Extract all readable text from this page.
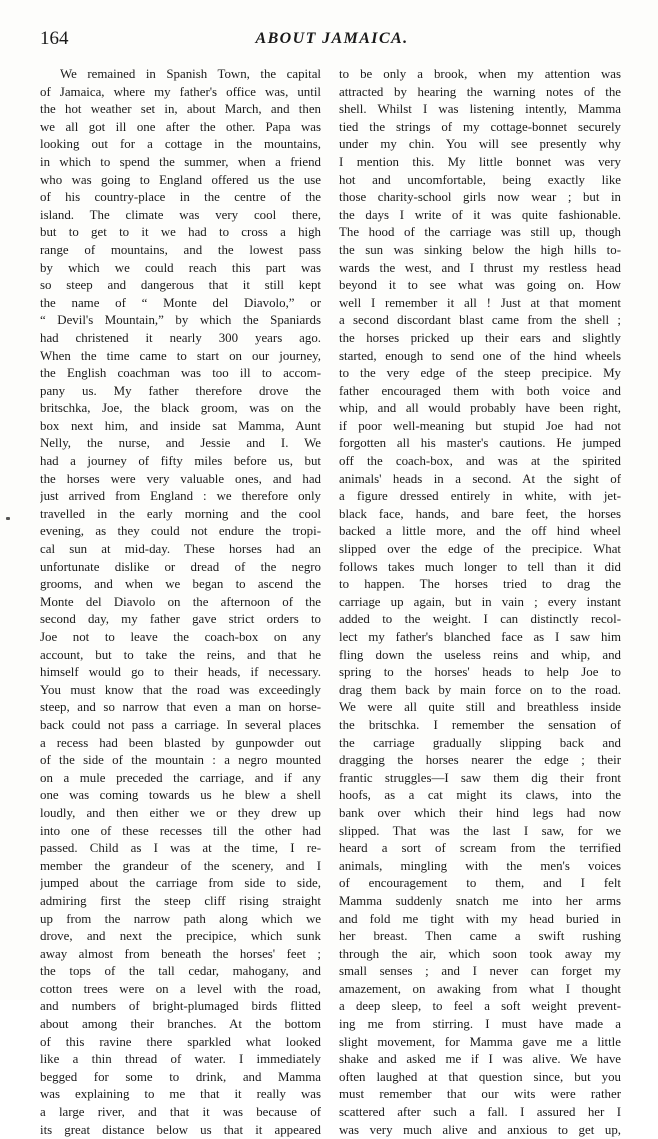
164	ABOUT JAMAICA.
We remained in Spanish Town, the capital
of Jamaica, where my father's office was, until
the hot weather set in, about March, and then
we all got ill one after the other. Papa was
looking out for a cottage in the mountains,
in which to spend the summer, when a friend
who was going to England offered us the use
of his country-place in the centre of the
island. The climate was very cool there,
but to get to it we had to cross a high
range of mountains, and the lowest pass
by which we could reach this part was
so steep and dangerous that it still kept
the name of “ Monte del Diavolo,” or
“ Devil's Mountain,” by which the Spaniards
had christened it nearly 300 years ago.
When the time came to start on our journey,
the English coachman was too ill to accom-
pany us. My father therefore drove the
britschka, Joe, the black groom, was on the
box next him, and inside sat Mamma, Aunt
Nelly, the nurse, and Jessie and I. We
had a journey of fifty miles before us, but
the horses were very valuable ones, and had
just arrived from England : we therefore only
travelled in the early morning and the cool
evening, as they could not endure the tropi-
cal sun at mid-day. These horses had an
unfortunate dislike or dread of the negro
grooms, and when we began to ascend the
Monte del Diavolo on the afternoon of the
second day, my father gave strict orders to
Joe not to leave the coach-box on any
account, but to take the reins, and that he
himself would go to their heads, if necessary.
You must know that the road was exceedingly
steep, and so narrow that even a man on horse-
back could not pass a carriage. In several places
a recess had been blasted by gunpowder out
of the side of the mountain : a negro mounted
on a mule preceded the carriage, and if any
one was coming towards us he blew a shell
loudly, and then either we or they drew up
into one of these recesses till the other had
passed. Child as I was at the time, I re-
member the grandeur of the scenery, and I
jumped about the carriage from side to side,
admiring first the steep cliff rising straight
up from the narrow path along which we
drove, and next the precipice, which sunk
away almost from beneath the horses' feet ;
the tops of the tall cedar, mahogany, and
cotton trees were on a level with the road,
and numbers of bright-plumaged birds flitted
about among their branches. At the bottom
of this ravine there sparkled what looked
like a thin thread of water. I immediately
begged for some to drink, and Mamma
was explaining to me that it really was
a large river, and that it was because of
its great distance below us that it appeared
to be only a brook, when my attention was
attracted by hearing the warning notes of the
shell. Whilst I was listening intently, Mamma
tied the strings of my cottage-bonnet securely
under my chin. You will see presently why
I mention this. My little bonnet was very
hot and uncomfortable, being exactly like
those charity-school girls now wear ; but in
the days I write of it was quite fashionable.
The hood of the carriage was still up, though
the sun was sinking below the high hills to-
wards the west, and I thrust my restless head
beyond it to see what was going on. How
well I remember it all ! Just at that moment
a second discordant blast came from the shell ;
the horses pricked up their ears and slightly
started, enough to send one of the hind wheels
to the very edge of the steep precipice. My
father encouraged them with both voice and
whip, and all would probably have been right,
if poor well-meaning but stupid Joe had not
forgotten all his master's cautions. He jumped
off the coach-box, and was at the spirited
animals' heads in a second. At the sight of
a figure dressed entirely in white, with jet-
black face, hands, and bare feet, the horses
backed a little more, and the off hind wheel
slipped over the edge of the precipice. What
follows takes much longer to tell than it did
to happen. The horses tried to drag the
carriage up again, but in vain ; every instant
added to the weight. I can distinctly recol-
lect my father's blanched face as I saw him
fling down the useless reins and whip, and
spring to the horses' heads to help Joe to
drag them back by main force on to the road.
We were all quite still and breathless inside
the britschka. I remember the sensation of
the carriage gradually slipping back and
dragging the horses nearer the edge ; their
frantic struggles—I saw them dig their front
hoofs, as a cat might its claws, into the
bank over which their hind legs had now
slipped. That was the last I saw, for we
heard a sort of scream from the terrified
animals, mingling with the men's voices
of encouragement to them, and I felt
Mamma suddenly snatch me into her arms
and fold me tight with my head buried in
her breast. Then came a swift rushing
through the air, which soon took away my
small senses ; and I never can forget my
amazement, on awaking from what I thought
a deep sleep, to feel a soft weight prevent-
ing me from stirring. I must have made a
slight movement, for Mamma gave me a little
shake and asked me if I was alive. We have
often laughed at that question since, but you
must remember that our wits were rather
scattered after such a fall. I assured her I
was very much alive and anxious to get up,
